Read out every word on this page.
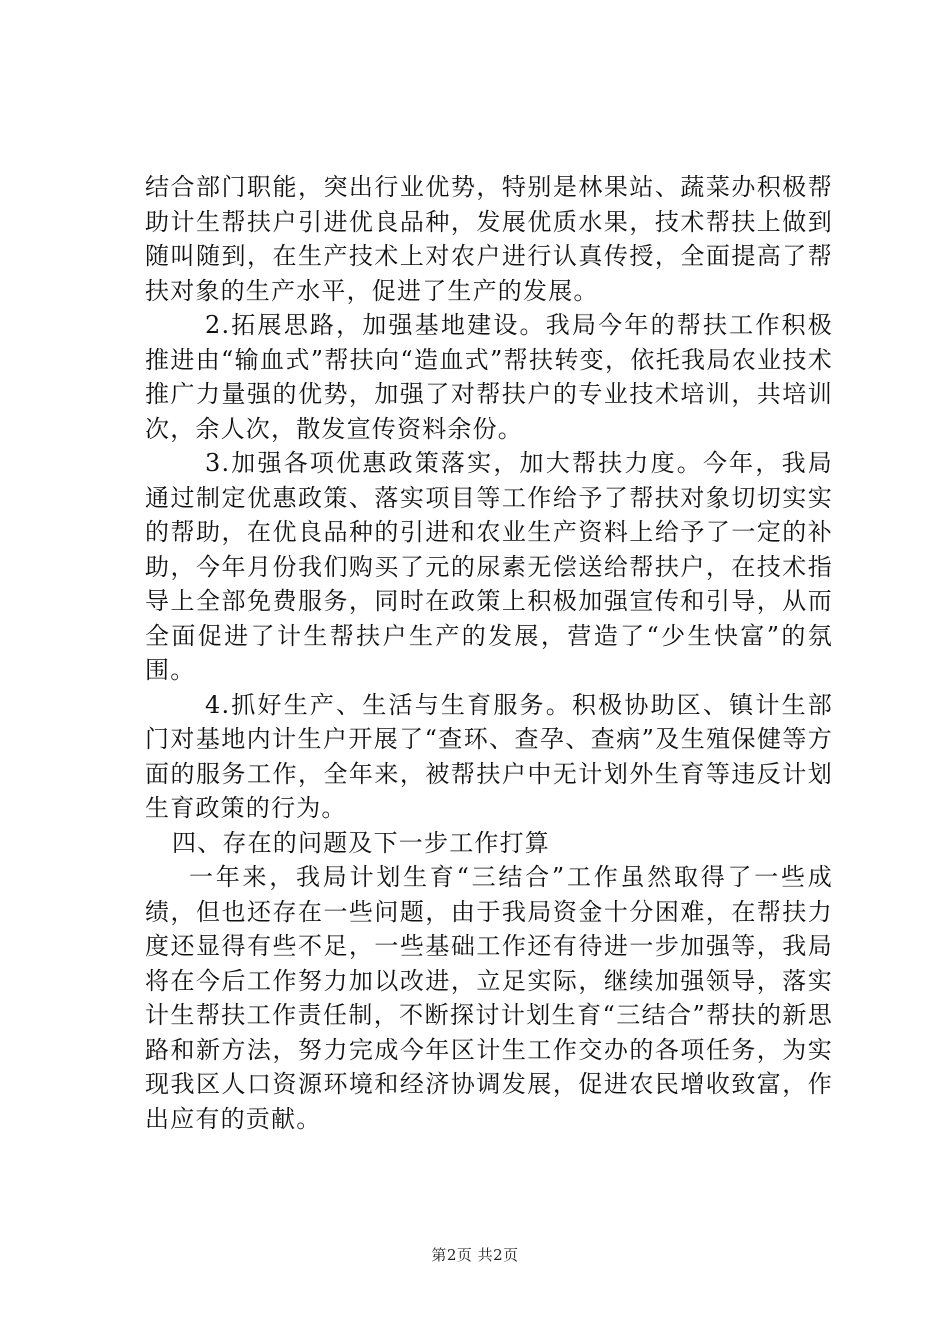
结合部门职能，突出行业优势，特别是林果站、蔬菜办积极帮助计生帮扶户引进优良品种，发展优质水果，技术帮扶上做到随叫随到，在生产技术上对农户进行认真传授，全面提高了帮扶对象的生产水平，促进了生产的发展。

2.拓展思路，加强基地建设。我局今年的帮扶工作积极推进由“输血式”帮扶向“造血式”帮扶转变，依托我局农业技术推广力量强的优势，加强了对帮扶户的专业技术培训，共培训次，余人次，散发宣传资料余份。

3.加强各项优惠政策落实，加大帮扶力度。今年，我局通过制定优惠政策、落实项目等工作给予了帮扶对象切切实实的帮助，在优良品种的引进和农业生产资料上给予了一定的补助，今年月份我们购买了元的尿素无偿送给帮扶户，在技术指导上全部免费服务，同时在政策上积极加强宣传和引导，从而全面促进了计生帮扶户生产的发展，营造了“少生快富”的氛围。

4.抓好生产、生活与生育服务。积极协助区、镇计生部门对基地内计生户开展了“查环、查孕、查病”及生殖保健等方面的服务工作，全年来，被帮扶户中无计划外生育等违反计划生育政策的行为。

四、存在的问题及下一步工作打算

一年来，我局计划生育“三结合”工作虽然取得了一些成绩，但也还存在一些问题，由于我局资金十分困难，在帮扶力度还显得有些不足，一些基础工作还有待进一步加强等，我局将在今后工作努力加以改进，立足实际，继续加强领导，落实计生帮扶工作责任制，不断探讨计划生育“三结合”帮扶的新思路和新方法，努力完成今年区计生工作交办的各项任务，为实现我区人口资源环境和经济协调发展，促进农民增收致富，作出应有的贡献。

第2页 共2页
